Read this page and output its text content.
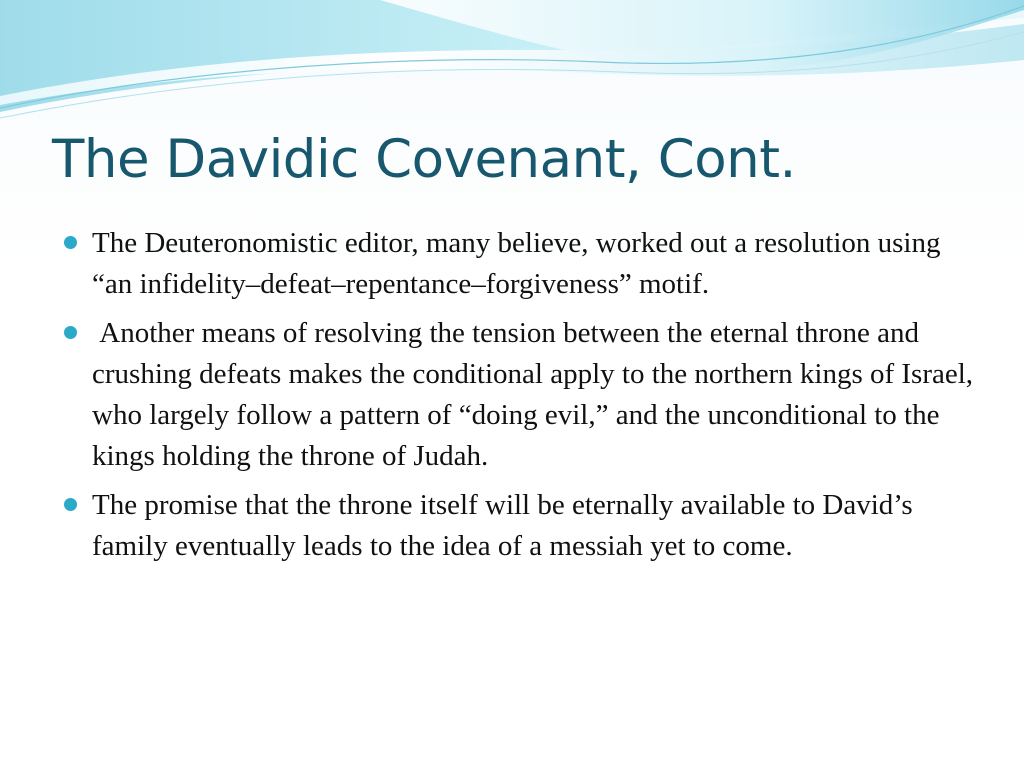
The Davidic Covenant, Cont.
The Deuteronomistic editor, many believe, worked out a resolution using “an infidelity–defeat–repentance–forgiveness” motif.
Another means of resolving the tension between the eternal throne and crushing defeats makes the conditional apply to the northern kings of Israel, who largely follow a pattern of “doing evil,” and the unconditional to the kings holding the throne of Judah.
The promise that the throne itself will be eternally available to David’s family eventually leads to the idea of a messiah yet to come.
